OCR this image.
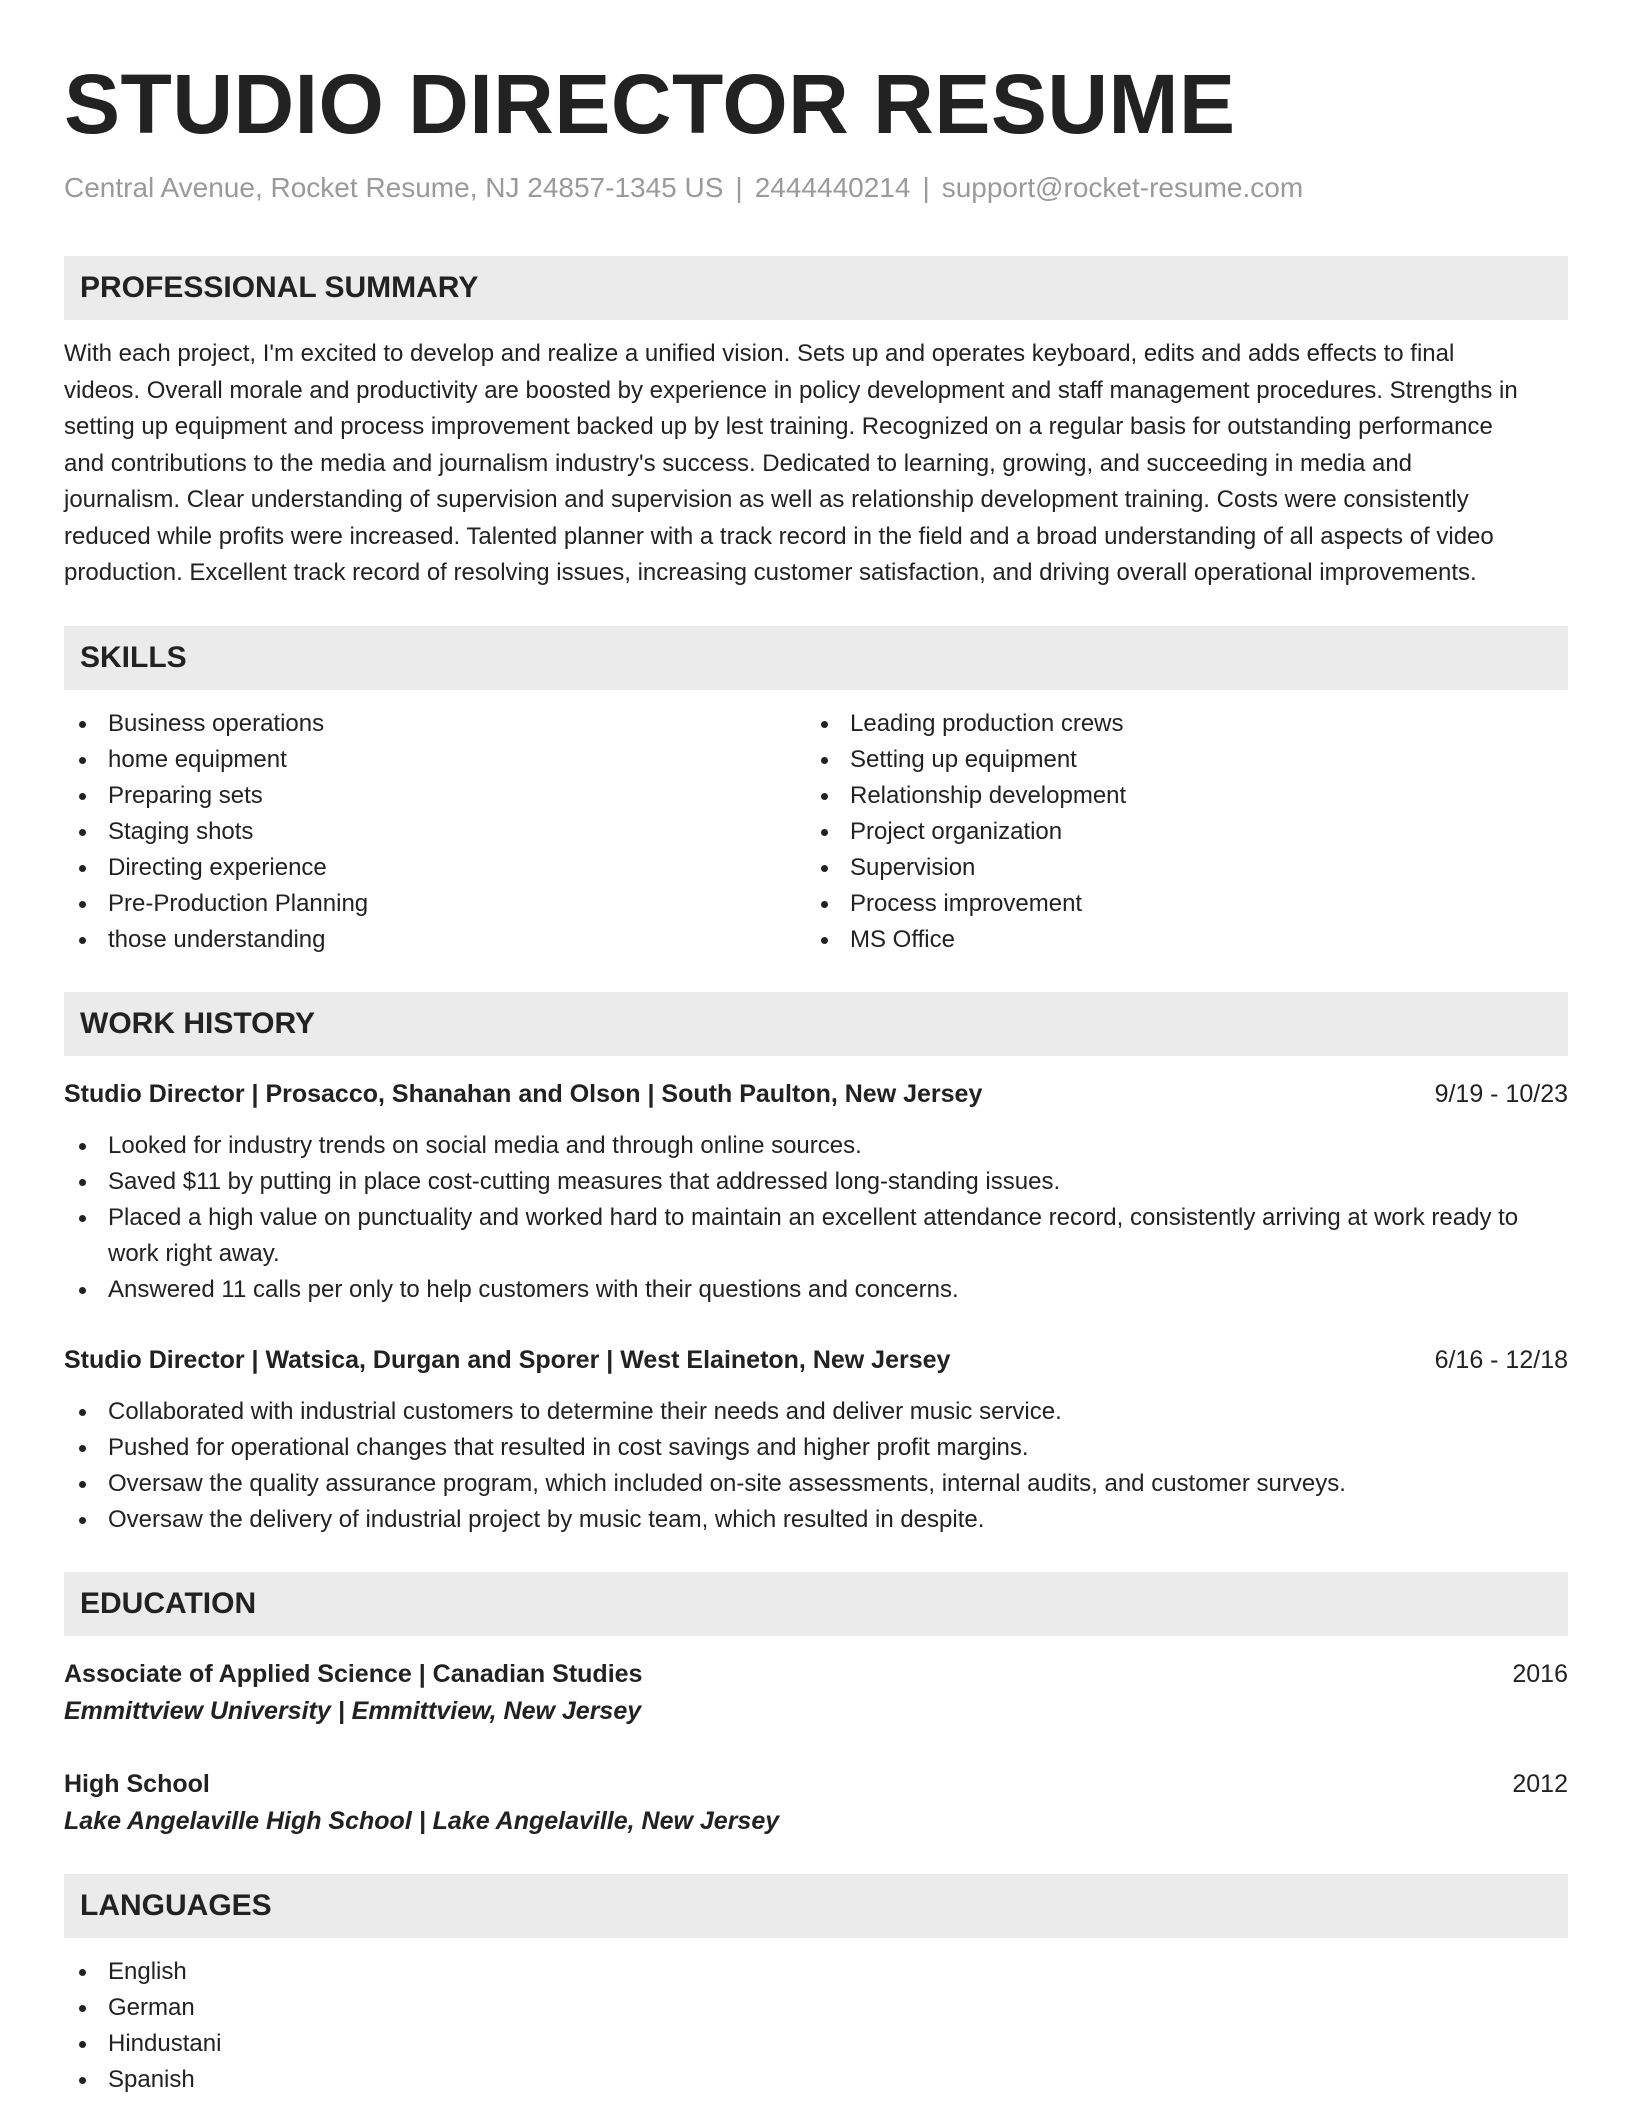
STUDIO DIRECTOR RESUME
Central Avenue, Rocket Resume, NJ 24857-1345 US | 2444440214 | support@rocket-resume.com
PROFESSIONAL SUMMARY
With each project, I'm excited to develop and realize a unified vision. Sets up and operates keyboard, edits and adds effects to final
videos. Overall morale and productivity are boosted by experience in policy development and staff management procedures. Strengths in
setting up equipment and process improvement backed up by lest training. Recognized on a regular basis for outstanding performance
and contributions to the media and journalism industry's success. Dedicated to learning, growing, and succeeding in media and
journalism. Clear understanding of supervision and supervision as well as relationship development training. Costs were consistently
reduced while profits were increased. Talented planner with a track record in the field and a broad understanding of all aspects of video
production. Excellent track record of resolving issues, increasing customer satisfaction, and driving overall operational improvements.
SKILLS
Business operations
home equipment
Preparing sets
Staging shots
Directing experience
Pre-Production Planning
those understanding
Leading production crews
Setting up equipment
Relationship development
Project organization
Supervision
Process improvement
MS Office
WORK HISTORY
Studio Director | Prosacco, Shanahan and Olson | South Paulton, New Jersey	9/19 - 10/23
Looked for industry trends on social media and through online sources.
Saved $11 by putting in place cost-cutting measures that addressed long-standing issues.
Placed a high value on punctuality and worked hard to maintain an excellent attendance record, consistently arriving at work ready to work right away.
Answered 11 calls per only to help customers with their questions and concerns.
Studio Director | Watsica, Durgan and Sporer | West Elaineton, New Jersey	6/16 - 12/18
Collaborated with industrial customers to determine their needs and deliver music service.
Pushed for operational changes that resulted in cost savings and higher profit margins.
Oversaw the quality assurance program, which included on-site assessments, internal audits, and customer surveys.
Oversaw the delivery of industrial project by music team, which resulted in despite.
EDUCATION
Associate of Applied Science | Canadian Studies	2016
Emmittview University | Emmittview, New Jersey
High School	2012
Lake Angelaville High School | Lake Angelaville, New Jersey
LANGUAGES
English
German
Hindustani
Spanish
